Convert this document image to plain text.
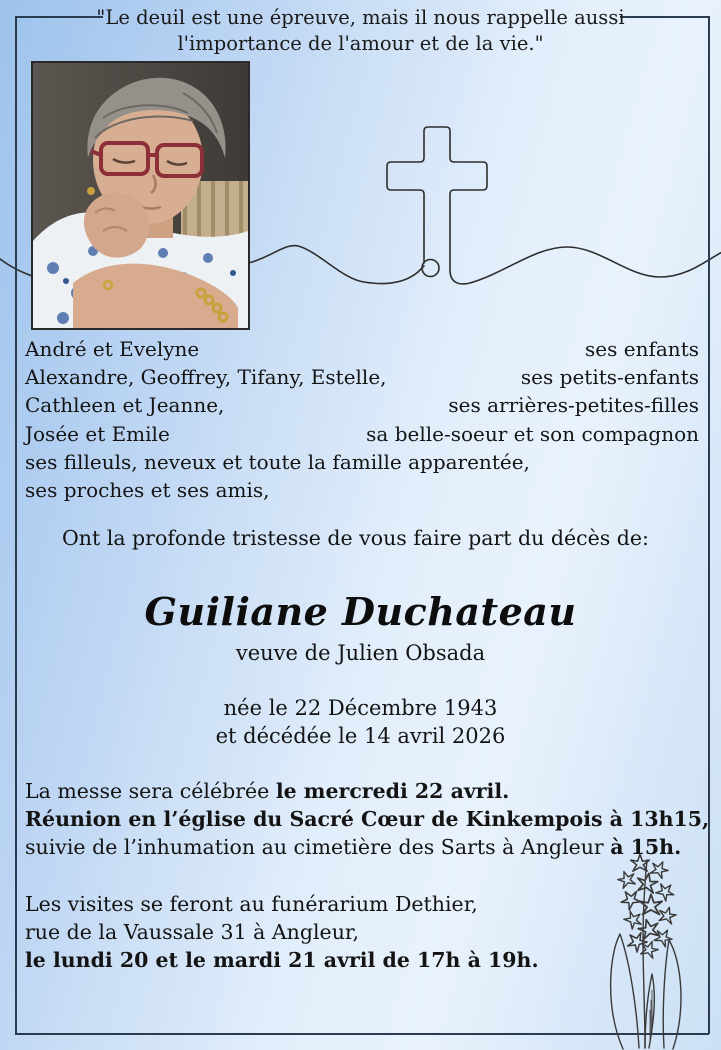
"Le deuil est une épreuve, mais il nous rappelle aussi
l'importance de l'amour et de la vie."
André et Evelyne	ses enfants
Alexandre, Geoffrey, Tifany, Estelle,	ses petits-enfants
Cathleen et Jeanne,	ses arrières-petites-filles
Josée et Emile	sa belle-soeur et son compagnon
ses filleuls, neveux et toute la famille apparentée,
ses proches et ses amis,
Ont la profonde tristesse de vous faire part du décès de:
Guiliane Duchateau
veuve de Julien Obsada
née le 22 Décembre 1943
et décédée le 14 avril 2026
La messe sera célébrée le mercredi 22 avril.
Réunion en l’église du Sacré Cœur de Kinkempois à 13h15,
suivie de l’inhumation au cimetière des Sarts à Angleur à 15h.
Les visites se feront au funérarium Dethier,
rue de la Vaussale 31 à Angleur,
le lundi 20 et le mardi 21 avril de 17h à 19h.
